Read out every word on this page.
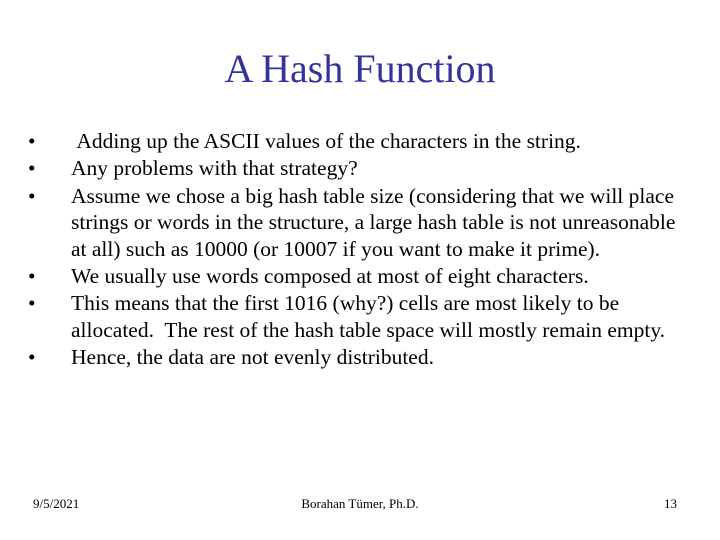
A Hash Function
•	Adding up the ASCII values of the characters in the string.
•	Any problems with that strategy?
•	Assume we chose a big hash table size (considering that we will place strings or words in the structure, a large hash table is not unreasonable at all) such as 10000 (or 10007 if you want to make it prime).
•	We usually use words composed at most of eight characters.
•	This means that the first 1016 (why?) cells are most likely to be allocated.  The rest of the hash table space will mostly remain empty.
•	Hence, the data are not evenly distributed.
9/5/2021	Borahan Tümer, Ph.D.	13
